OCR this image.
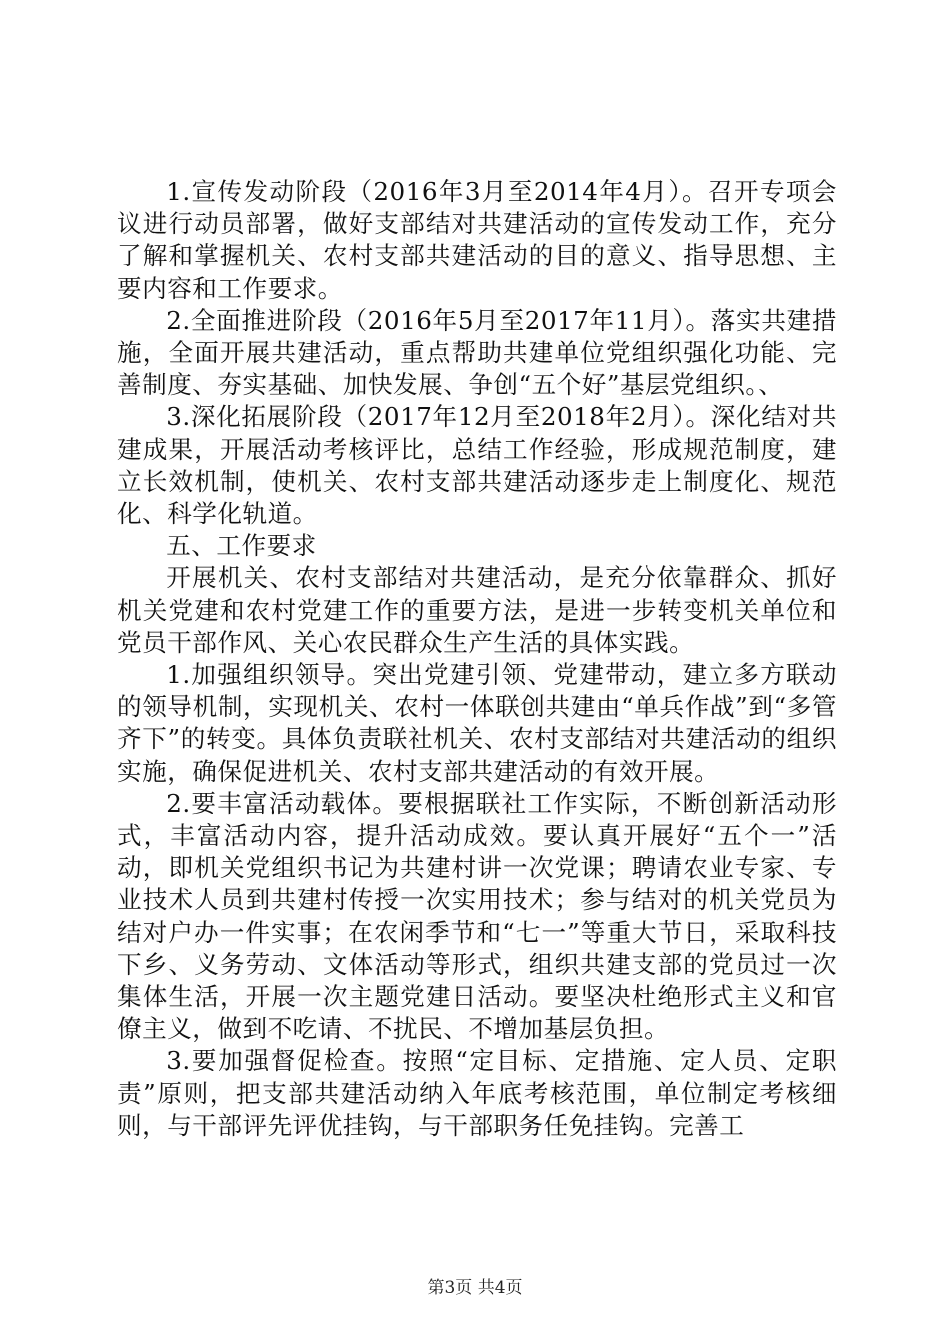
1.宣传发动阶段（2016年3月至2014年4月）。召开专项会议进行动员部署，做好支部结对共建活动的宣传发动工作，充分了解和掌握机关、农村支部共建活动的目的意义、指导思想、主要内容和工作要求。

2.全面推进阶段（2016年5月至2017年11月）。落实共建措施，全面开展共建活动，重点帮助共建单位党组织强化功能、完善制度、夯实基础、加快发展、争创“五个好”基层党组织。、

3.深化拓展阶段（2017年12月至2018年2月）。深化结对共建成果，开展活动考核评比，总结工作经验，形成规范制度，建立长效机制，使机关、农村支部共建活动逐步走上制度化、规范化、科学化轨道。

五、工作要求

开展机关、农村支部结对共建活动，是充分依靠群众、抓好机关党建和农村党建工作的重要方法，是进一步转变机关单位和党员干部作风、关心农民群众生产生活的具体实践。

1.加强组织领导。突出党建引领、党建带动，建立多方联动的领导机制，实现机关、农村一体联创共建由“单兵作战”到“多管齐下”的转变。具体负责联社机关、农村支部结对共建活动的组织实施，确保促进机关、农村支部共建活动的有效开展。

2.要丰富活动载体。要根据联社工作实际，不断创新活动形式，丰富活动内容，提升活动成效。要认真开展好“五个一”活动，即机关党组织书记为共建村讲一次党课；聘请农业专家、专业技术人员到共建村传授一次实用技术；参与结对的机关党员为结对户办一件实事；在农闲季节和“七一”等重大节日，采取科技下乡、义务劳动、文体活动等形式，组织共建支部的党员过一次集体生活，开展一次主题党建日活动。要坚决杜绝形式主义和官僚主义，做到不吃请、不扰民、不增加基层负担。

3.要加强督促检查。按照“定目标、定措施、定人员、定职责”原则，把支部共建活动纳入年底考核范围，单位制定考核细则，与干部评先评优挂钩，与干部职务任免挂钩。完善工

第3页 共4页
